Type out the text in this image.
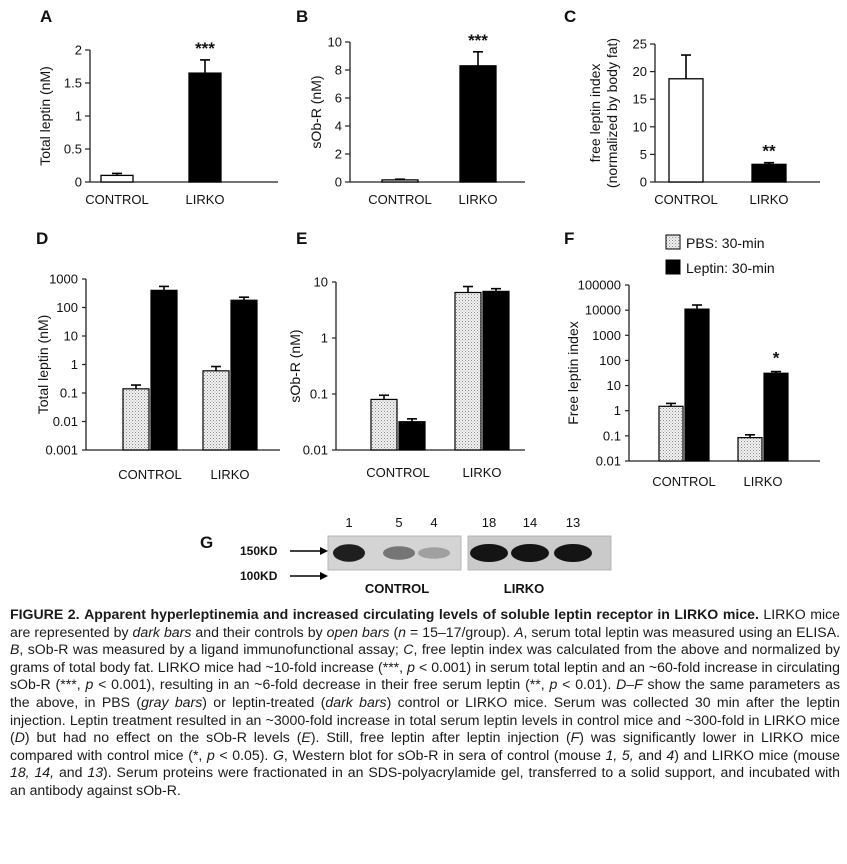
A
0
0.5
1
1.5
2
Total leptin (nM)
CONTROL	LIRKO
***
B
0
2
4
6
8
10
sOb-R (nM)
CONTROL LIRKO
***
C
0
5
10
15
20
25
free leptin index (normalized by body fat)
CONTROL LIRKO
**
D
0.001
0.01
0.1
1
10
100
1000
Total leptin (nM)
CONTROL LIRKO
E
0.01
0.1
1
10
sOb-R (nM)
CONTROL	LIRKO
F
0.01
0.1
1
10
100
1000
10000
100000
Free leptin index
CONTROL LIRKO
*
PBS: 30-min
Leptin: 30-min
G
1	5 4	18 14 13
150KD
100KD
CONTROL	LIRKO
FIGURE 2. Apparent hyperleptinemia and increased circulating levels of soluble leptin receptor in LIRKO mice. LIRKO mice are represented by dark bars and their controls by open bars (n = 15–17/group). A, serum total leptin was measured using an ELISA. B, sOb-R was measured by a ligand immunofunctional assay; C, free leptin index was calculated from the above and normalized by grams of total body fat. LIRKO mice had ~10-fold increase (***, p < 0.001) in serum total leptin and an ~60-fold increase in circulating sOb-R (***, p < 0.001), resulting in an ~6-fold decrease in their free serum leptin (**, p < 0.01). D–F show the same parameters as the above, in PBS (gray bars) or leptin-treated (dark bars) control or LIRKO mice. Serum was collected 30 min after the leptin injection. Leptin treatment resulted in an ~3000-fold increase in total serum leptin levels in control mice and ~300-fold in LIRKO mice (D) but had no effect on the sOb-R levels (E). Still, free leptin after leptin injection (F) was significantly lower in LIRKO mice compared with control mice (*, p < 0.05). G, Western blot for sOb-R in sera of control (mouse 1, 5, and 4) and LIRKO mice (mouse 18, 14, and 13). Serum proteins were fractionated in an SDS-polyacrylamide gel, transferred to a solid support, and incubated with an antibody against sOb-R.
